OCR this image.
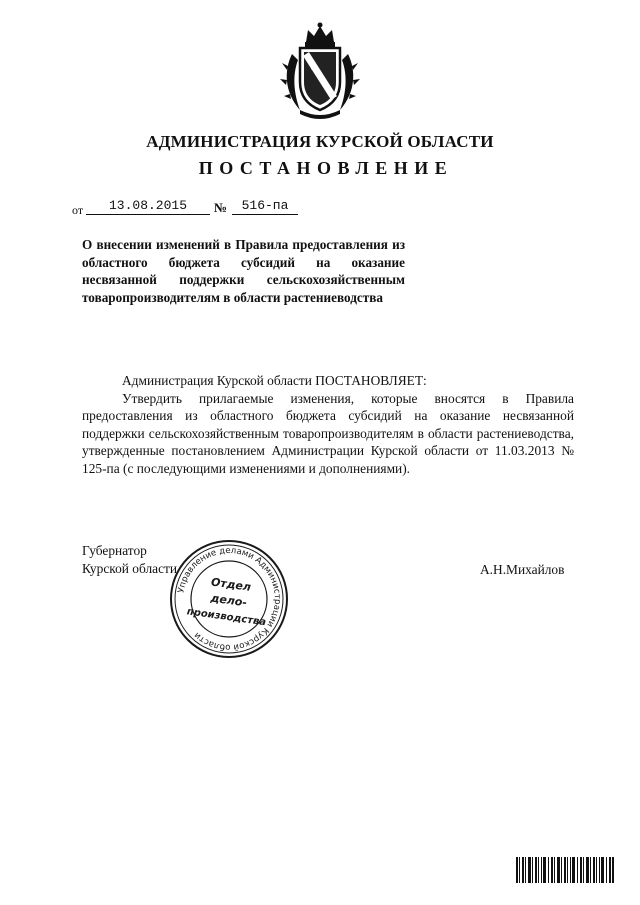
АДМИНИСТРАЦИЯ КУРСКОЙ ОБЛАСТИ
ПОСТАНОВЛЕНИЕ
от	13.08.2015	№	516-па
О внесении изменений в Правила предоставления из областного бюджета субсидий на оказание несвязанной поддержки сельскохозяйственным товаропроизводителям в области растениеводства
Администрация Курской области ПОСТАНОВЛЯЕТ:
Утвердить прилагаемые изменения, которые вносятся в Правила предоставления из областного бюджета субсидий на оказание несвязанной поддержки сельскохозяйственным товаропроизводителям в области растениеводства, утвержденные постановлением Администрации Курской области от 11.03.2013 № 125-па (с последующими изменениями и дополнениями).
Губернатор
Курской области	А.Н.Михайлов
Управление делами Администрации Курской области
Отдел
дело-
производства
